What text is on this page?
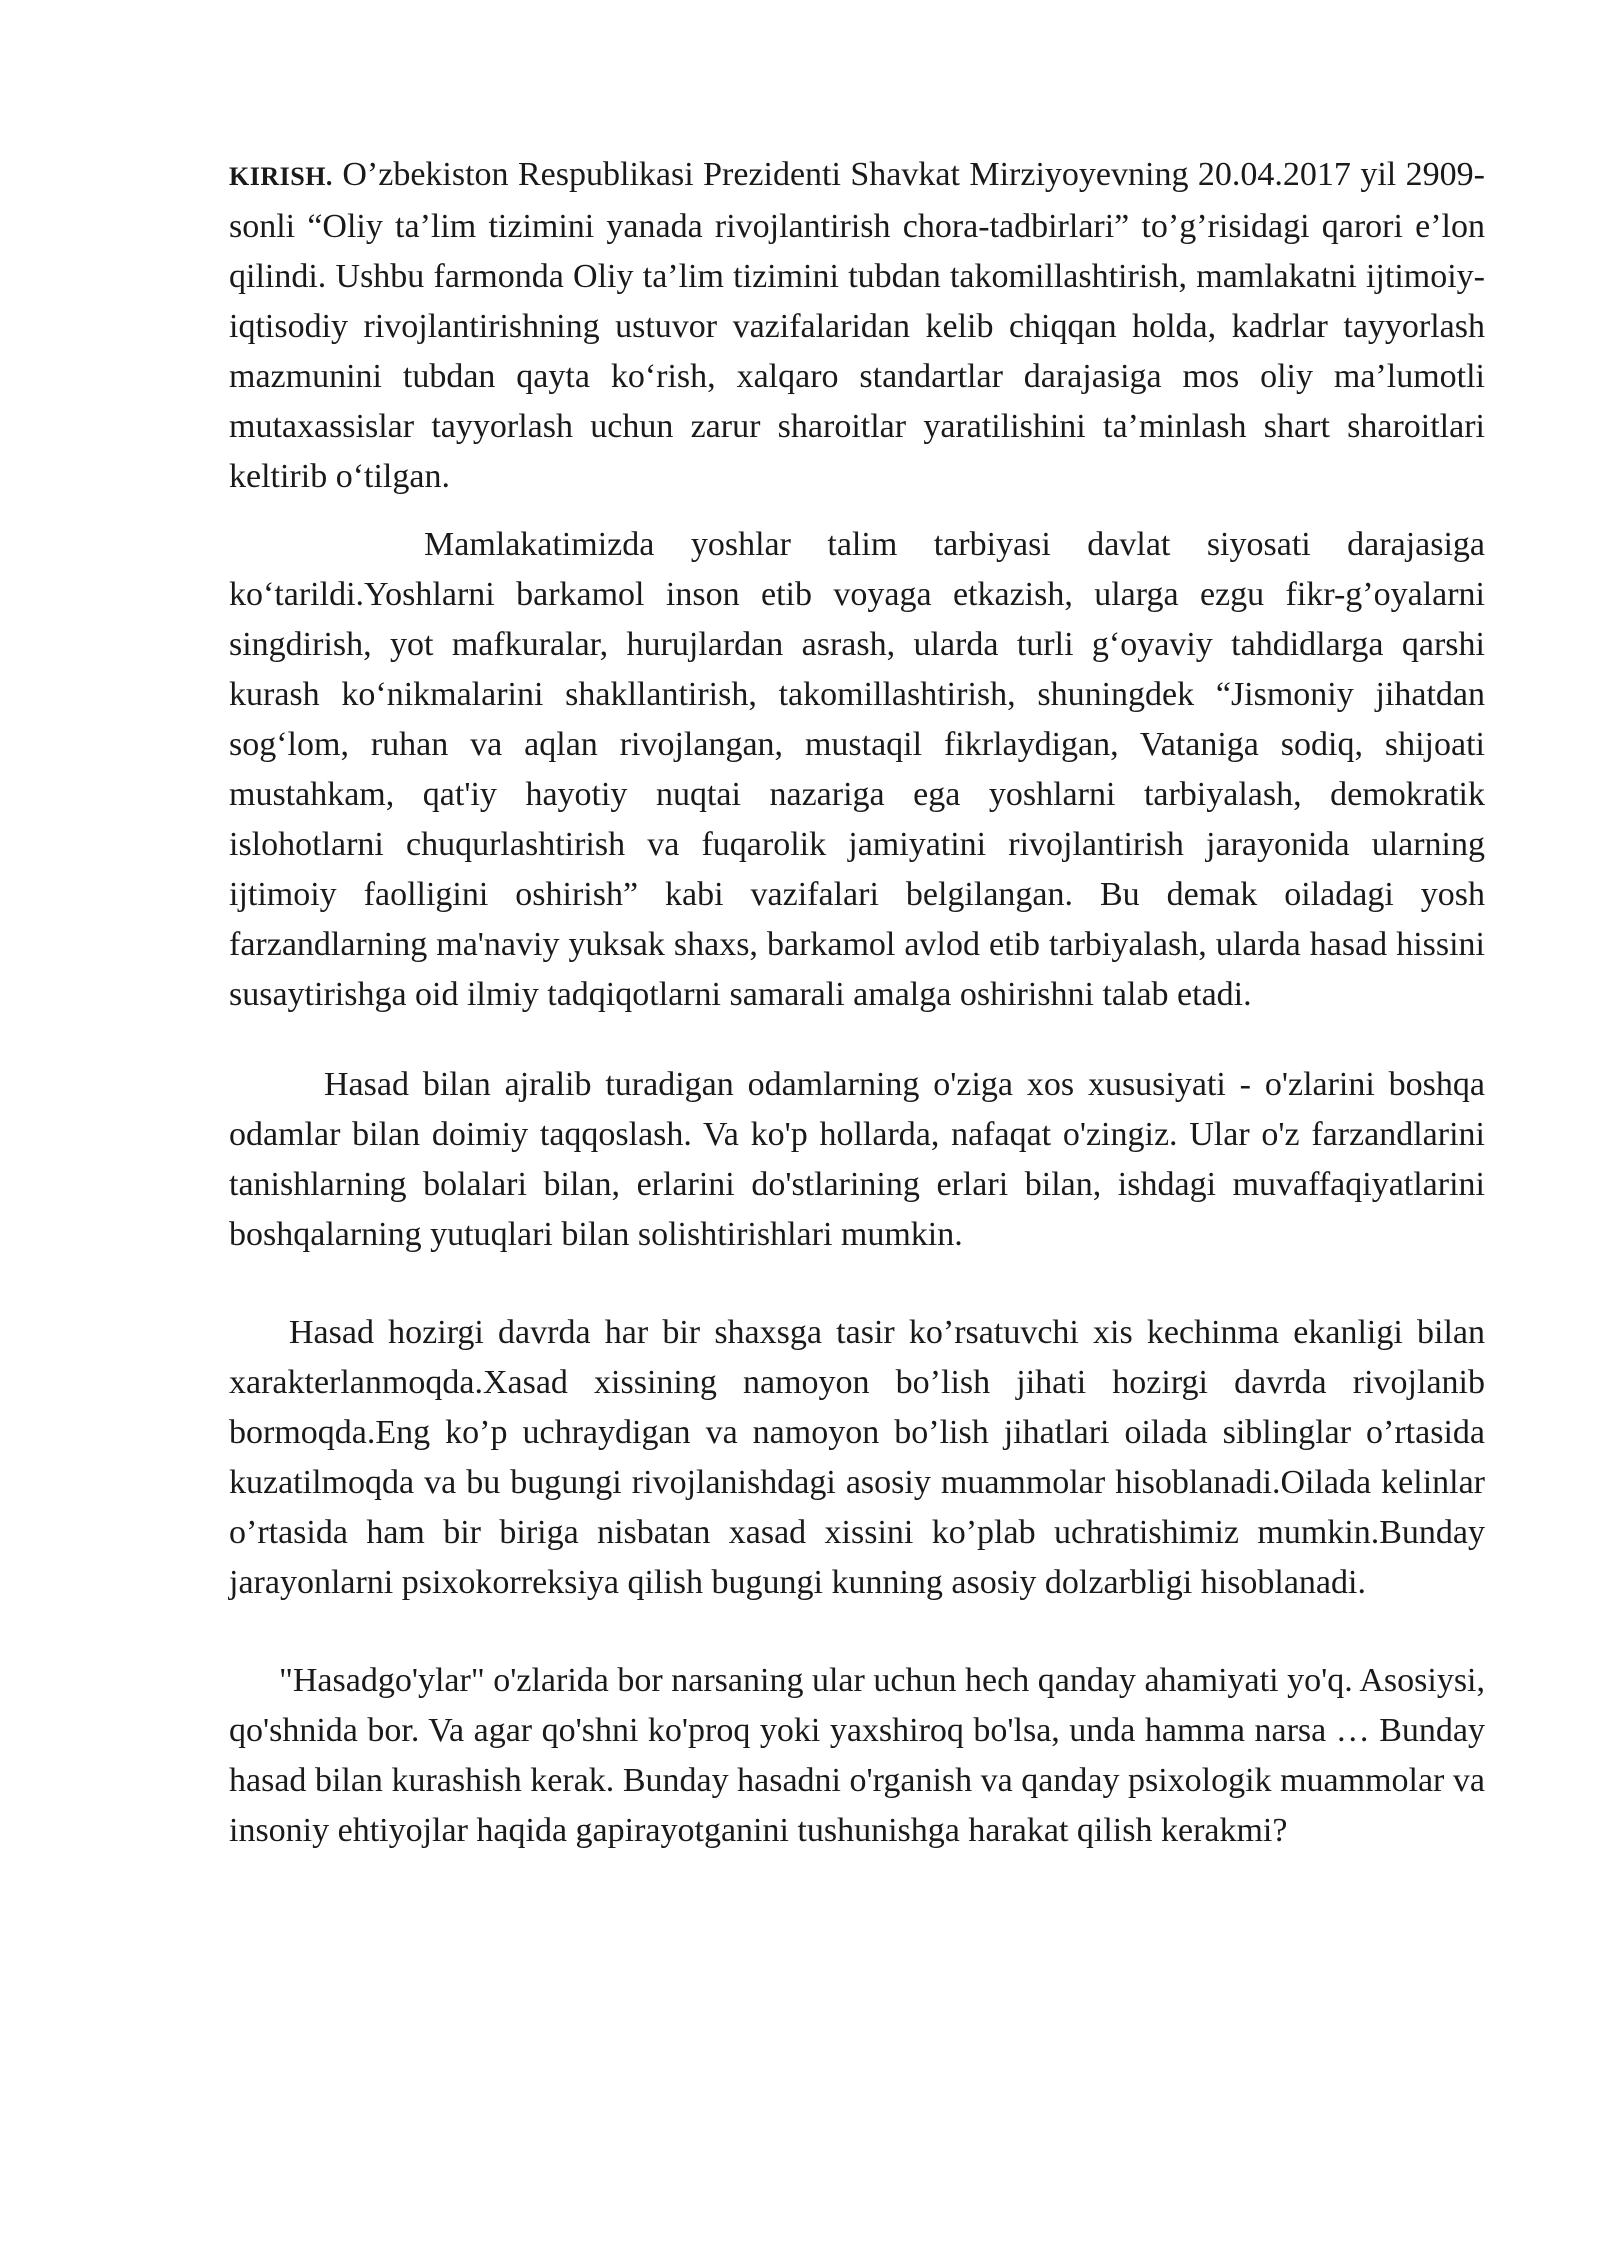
KIRISH. O’zbekiston Respublikasi Prezidenti Shavkat Mirziyoyevning 20.04.2017 yil 2909-sonli “Oliy ta’lim tizimini yanada rivojlantirish chora-tadbirlari” to’g’risidagi qarori e’lon qilindi. Ushbu farmonda Oliy ta’lim tizimini tubdan takomillashtirish, mamlakatni ijtimoiy-iqtisodiy rivojlantirishning ustuvor vazifalaridan kelib chiqqan holda, kadrlar tayyorlash mazmunini tubdan qayta koʻrish, xalqaro standartlar darajasiga mos oliy ma’lumotli mutaxassislar tayyorlash uchun zarur sharoitlar yaratilishini ta’minlash shart sharoitlari keltirib oʻtilgan.

Mamlakatimizda yoshlar talim tarbiyasi davlat siyosati darajasiga koʻtarildi.Yoshlarni barkamol inson etib voyaga etkazish, ularga ezgu fikr-g’oyalarni singdirish, yot mafkuralar, hurujlardan asrash, ularda turli gʻoyaviy tahdidlarga qarshi kurash koʻnikmalarini shakllantirish, takomillashtirish, shuningdek “Jismoniy jihatdan sogʻlom, ruhan va aqlan rivojlangan, mustaqil fikrlaydigan, Vataniga sodiq, shijoati mustahkam, qat'iy hayotiy nuqtai nazariga ega yoshlarni tarbiyalash, demokratik islohotlarni chuqurlashtirish va fuqarolik jamiyatini rivojlantirish jarayonida ularning ijtimoiy faolligini oshirish” kabi vazifalari belgilangan. Bu demak oiladagi yosh farzandlarning ma'naviy yuksak shaxs, barkamol avlod etib tarbiyalash, ularda hasad hissini susaytirishga oid ilmiy tadqiqotlarni samarali amalga oshirishni talab etadi.

Hasad bilan ajralib turadigan odamlarning o'ziga xos xususiyati - o'zlarini boshqa odamlar bilan doimiy taqqoslash. Va ko'p hollarda, nafaqat o'zingiz. Ular o'z farzandlarini tanishlarning bolalari bilan, erlarini do'stlarining erlari bilan, ishdagi muvaffaqiyatlarini boshqalarning yutuqlari bilan solishtirishlari mumkin.

Hasad hozirgi davrda har bir shaxsga tasir ko’rsatuvchi xis kechinma ekanligi bilan xarakterlanmoqda.Xasad xissining namoyon bo’lish jihati hozirgi davrda rivojlanib bormoqda.Eng ko’p uchraydigan va namoyon bo’lish jihatlari oilada siblinglar o’rtasida kuzatilmoqda va bu bugungi rivojlanishdagi asosiy muammolar hisoblanadi.Oilada kelinlar o’rtasida ham bir biriga nisbatan xasad xissini ko’plab uchratishimiz mumkin.Bunday jarayonlarni psixokorreksiya qilish bugungi kunning asosiy dolzarbligi hisoblanadi.

"Hasadgo'ylar" o'zlarida bor narsaning ular uchun hech qanday ahamiyati yo'q. Asosiysi, qo'shnida bor. Va agar qo'shni ko'proq yoki yaxshiroq bo'lsa, unda hamma narsa … Bunday hasad bilan kurashish kerak. Bunday hasadni o'rganish va qanday psixologik muammolar va insoniy ehtiyojlar haqida gapirayotganini tushunishga harakat qilish kerakmi?
